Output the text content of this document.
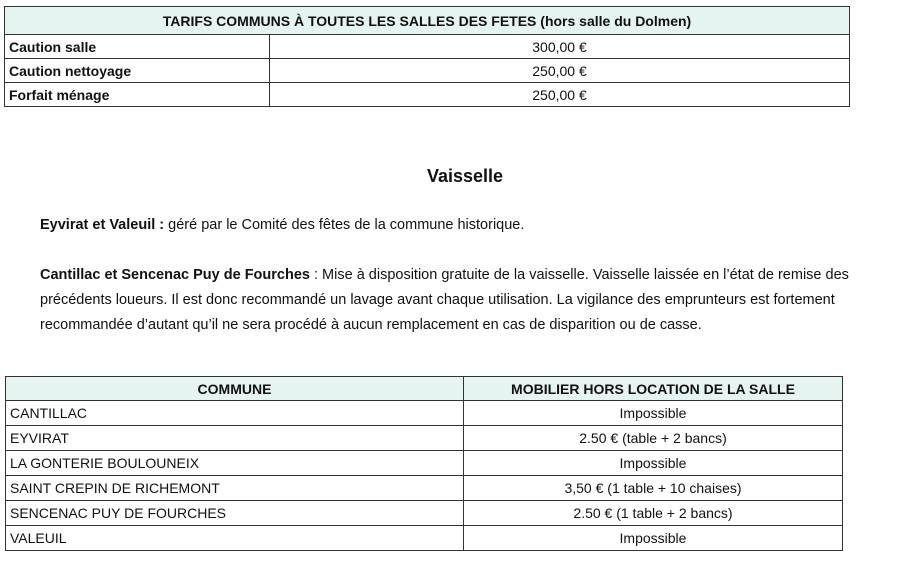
TARIFS COMMUNS À TOUTES LES SALLES DES FETES (hors salle du Dolmen)	
Caution salle	300,00 €
Caution nettoyage	250,00 €
Forfait ménage	250,00 €
Vaisselle

Eyvirat et Valeuil : géré par le Comité des fêtes de la commune historique.

Cantillac et Sencenac Puy de Fourches : Mise à disposition gratuite de la vaisselle. Vaisselle laissée en l’état de remise des précédents loueurs. Il est donc recommandé un lavage avant chaque utilisation. La vigilance des emprunteurs est fortement recommandée d’autant qu’il ne sera procédé à aucun remplacement en cas de disparition ou de casse.

COMMUNE	MOBILIER HORS LOCATION DE LA SALLE
CANTILLAC	Impossible
EYVIRAT	2.50 € (table + 2 bancs)
LA GONTERIE BOULOUNEIX	Impossible
SAINT CREPIN DE RICHEMONT	3,50 € (1 table + 10 chaises)
SENCENAC PUY DE FOURCHES	2.50 € (1 table + 2 bancs)
VALEUIL	Impossible
